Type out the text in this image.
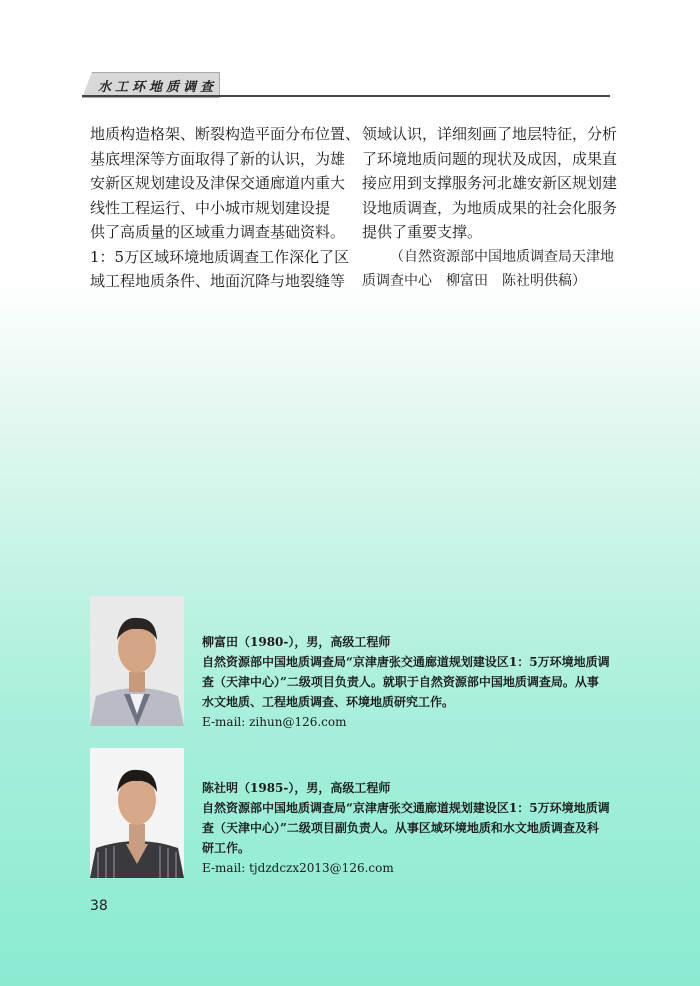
水工环地质调查
地质构造格架、断裂构造平面分布位置、
基底埋深等方面取得了新的认识，为雄
安新区规划建设及津保交通廊道内重大
线性工程运行、中小城市规划建设提
供了高质量的区域重力调查基础资料。
1：5万区域环境地质调查工作深化了区
域工程地质条件、地面沉降与地裂缝等
领域认识，详细刻画了地层特征，分析
了环境地质问题的现状及成因，成果直
接应用到支撑服务河北雄安新区规划建
设地质调查，为地质成果的社会化服务
提供了重要支撑。
（自然资源部中国地质调查局天津地
质调查中心　柳富田　陈社明供稿）
柳富田（1980-），男，高级工程师
自然资源部中国地质调查局“京津唐张交通廊道规划建设区1：5万环境地质调
查（天津中心）”二级项目负责人。就职于自然资源部中国地质调查局。从事
水文地质、工程地质调查、环境地质研究工作。
E-mail: zihun@126.com
陈社明（1985-），男，高级工程师
自然资源部中国地质调查局“京津唐张交通廊道规划建设区1：5万环境地质调
查（天津中心）”二级项目副负责人。从事区域环境地质和水文地质调查及科
研工作。
E-mail: tjdzdczx2013@126.com
38
